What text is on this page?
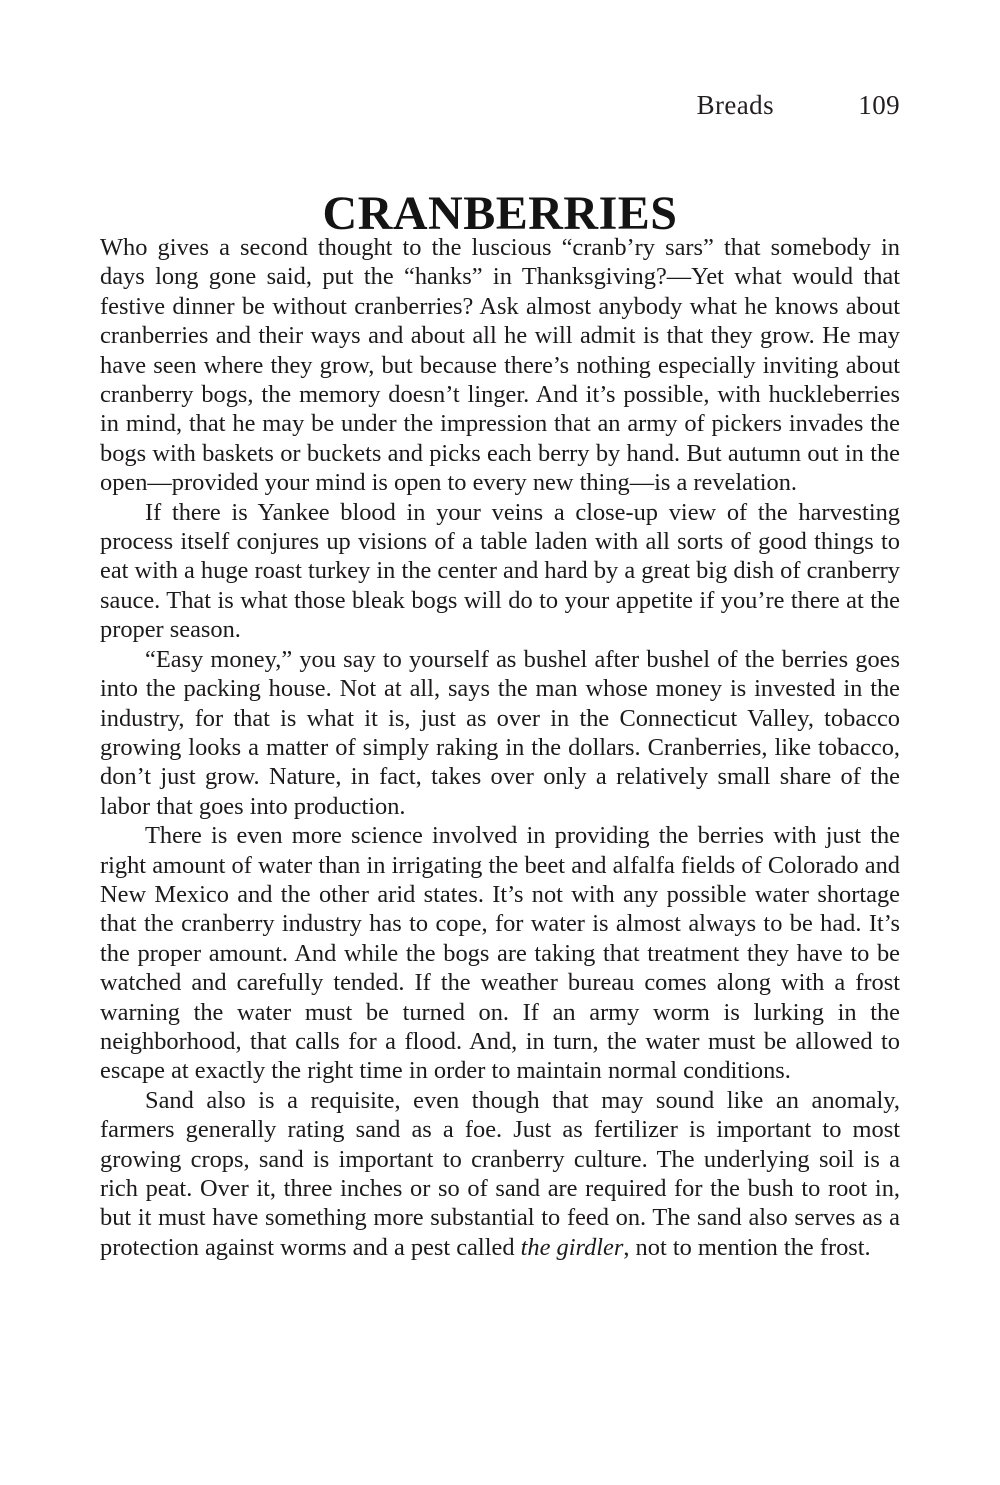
Breads	109
CRANBERRIES

Who gives a second thought to the luscious “cranb’ry sars” that somebody in days long gone said, put the “hanks” in Thanksgiving?—Yet what would that festive dinner be without cranberries? Ask almost anybody what he knows about cranberries and their ways and about all he will admit is that they grow. He may have seen where they grow, but because there’s nothing especially inviting about cranberry bogs, the memory doesn’t linger. And it’s possible, with huckleberries in mind, that he may be under the impression that an army of pickers invades the bogs with baskets or buckets and picks each berry by hand. But autumn out in the open—provided your mind is open to every new thing—is a revelation.

If there is Yankee blood in your veins a close-up view of the harvesting process itself conjures up visions of a table laden with all sorts of good things to eat with a huge roast turkey in the center and hard by a great big dish of cranberry sauce. That is what those bleak bogs will do to your appetite if you’re there at the proper season.

“Easy money,” you say to yourself as bushel after bushel of the berries goes into the packing house. Not at all, says the man whose money is invested in the industry, for that is what it is, just as over in the Connecticut Valley, tobacco growing looks a matter of simply raking in the dollars. Cranberries, like tobacco, don’t just grow. Nature, in fact, takes over only a relatively small share of the labor that goes into production.

There is even more science involved in providing the berries with just the right amount of water than in irrigating the beet and alfalfa fields of Colorado and New Mexico and the other arid states. It’s not with any possible water shortage that the cranberry industry has to cope, for water is almost always to be had. It’s the proper amount. And while the bogs are taking that treatment they have to be watched and carefully tended. If the weather bureau comes along with a frost warning the water must be turned on. If an army worm is lurking in the neighborhood, that calls for a flood. And, in turn, the water must be allowed to escape at exactly the right time in order to maintain normal conditions.

Sand also is a requisite, even though that may sound like an anomaly, farmers generally rating sand as a foe. Just as fertilizer is important to most growing crops, sand is important to cranberry culture. The underlying soil is a rich peat. Over it, three inches or so of sand are required for the bush to root in, but it must have something more substantial to feed on. The sand also serves as a protection against worms and a pest called the girdler, not to mention the frost.
